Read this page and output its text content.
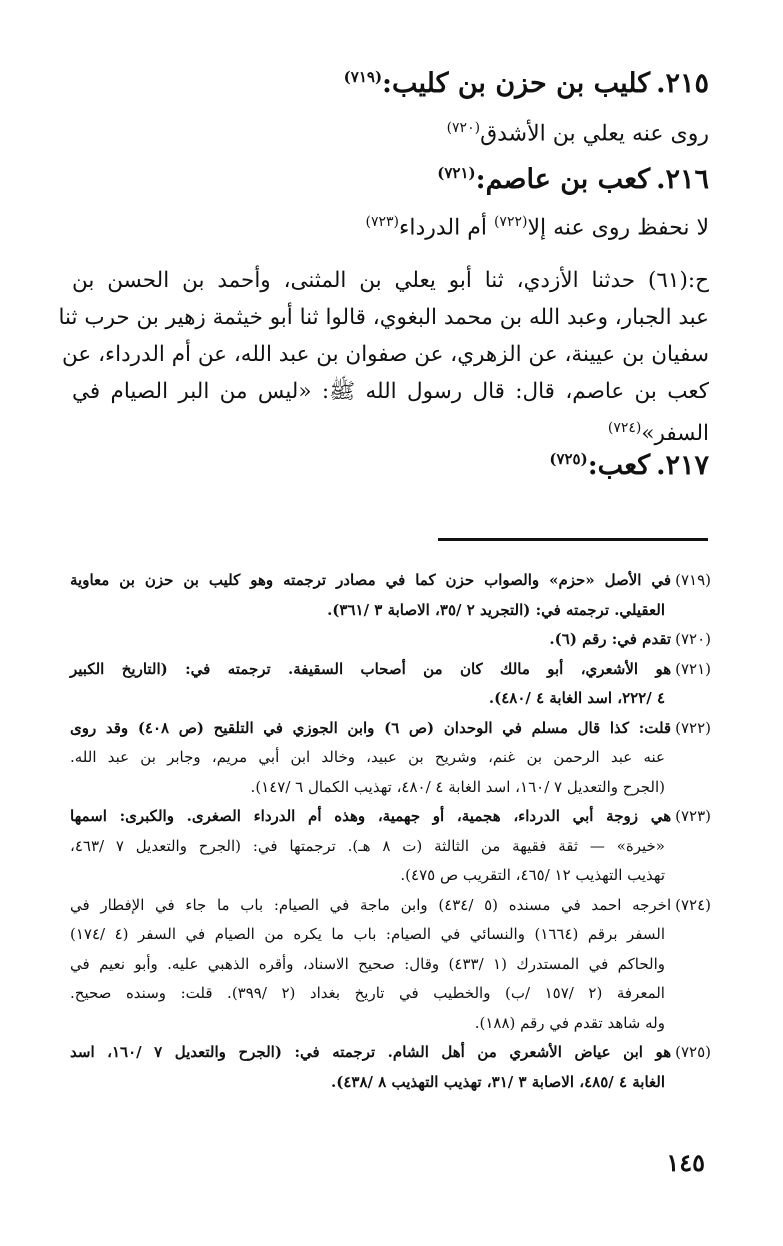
٢١٥.كليب بن حزن بن كليب:$^{(٧١٩)}$
روى عنه يعلي بن الأشدق$^{(٧٢٠)}$
٢١٦.كعب بن عاصم:$^{(٧٢١)}$
لا نحفظ روى عنه إلا$^{(٧٢٢)}$ أم الدرداء$^{(٧٢٣)}$
ح:(٦١) حدثنا الأزدي، ثنا أبو يعلي بن المثنى، وأحمد بن الحسن بن
عبد الجبار، وعبد الله بن محمد البغوي، قالوا ثنا أبو خيثمة زهير بن حرب ثنا
سفيان بن عيينة، عن الزهري، عن صفوان بن عبد الله، عن أم الدرداء، عن
كعب بن عاصم، قال: قال رسول الله ﷺ: «ليس من البر الصيام في
السفر»$^{(٧٢٤)}$
٢١٧.كعب:$^{(٧٢٥)}$
(٧١٩)في الأصل «حزم» والصواب حزن كما في مصادر ترجمته وهو كليب بن حزن بن معاوية
العقيلي. ترجمته في: (التجريد ٢ /٣٥، الاصابة ٣ /٣٦١).
(٧٢٠)تقدم في: رقم (٦).
(٧٢١)هو الأشعري، أبو مالك كان من أصحاب السقيفة. ترجمته في: (التاريخ الكبير
٤ /٢٢٢، اسد الغابة ٤ /٤٨٠).
(٧٢٢)قلت: كذا قال مسلم في الوحدان (ص ٦) وابن الجوزي في التلقيح (ص ٤٠٨) وقد روى
عنه عبد الرحمن بن غنم، وشريح بن عبيد، وخالد ابن أبي مريم، وجابر بن عبد الله.
(الجرح والتعديل ٧ /١٦٠، اسد الغابة ٤ /٤٨٠، تهذيب الكمال ٦ /١٤٧).
(٧٢٣)هي زوجة أبي الدرداء، هجمية، أو جهمية، وهذه أم الدرداء الصغرى. والكبرى: اسمها
«خيرة» — ثقة فقيهة من الثالثة (ت ٨ هـ). ترجمتها في: (الجرح والتعديل ٧ /٤٦٣،
تهذيب التهذيب ١٢ /٤٦٥، التقريب ص ٤٧٥).
(٧٢٤)اخرجه احمد في مسنده (٥ /٤٣٤) وابن ماجة في الصيام: باب ما جاء في الإفطار في
السفر برقم (١٦٦٤) والنسائي في الصيام: باب ما يكره من الصيام في السفر (٤ /١٧٤)
والحاكم في المستدرك (١ /٤٣٣) وقال: صحيح الاسناد، وأقره الذهبي عليه. وأبو نعيم في
المعرفة (٢ /١٥٧ /ب) والخطيب في تاريخ بغداد (٢ /٣٩٩). قلت: وسنده صحيح.
وله شاهد تقدم في رقم (١٨٨).
(٧٢٥)هو ابن عياض الأشعري من أهل الشام. ترجمته في: (الجرح والتعديل ٧ /١٦٠، اسد
الغابة ٤ /٤٨٥، الاصابة ٣ /٣١، تهذيب التهذيب ٨ /٤٣٨).
١٤٥
